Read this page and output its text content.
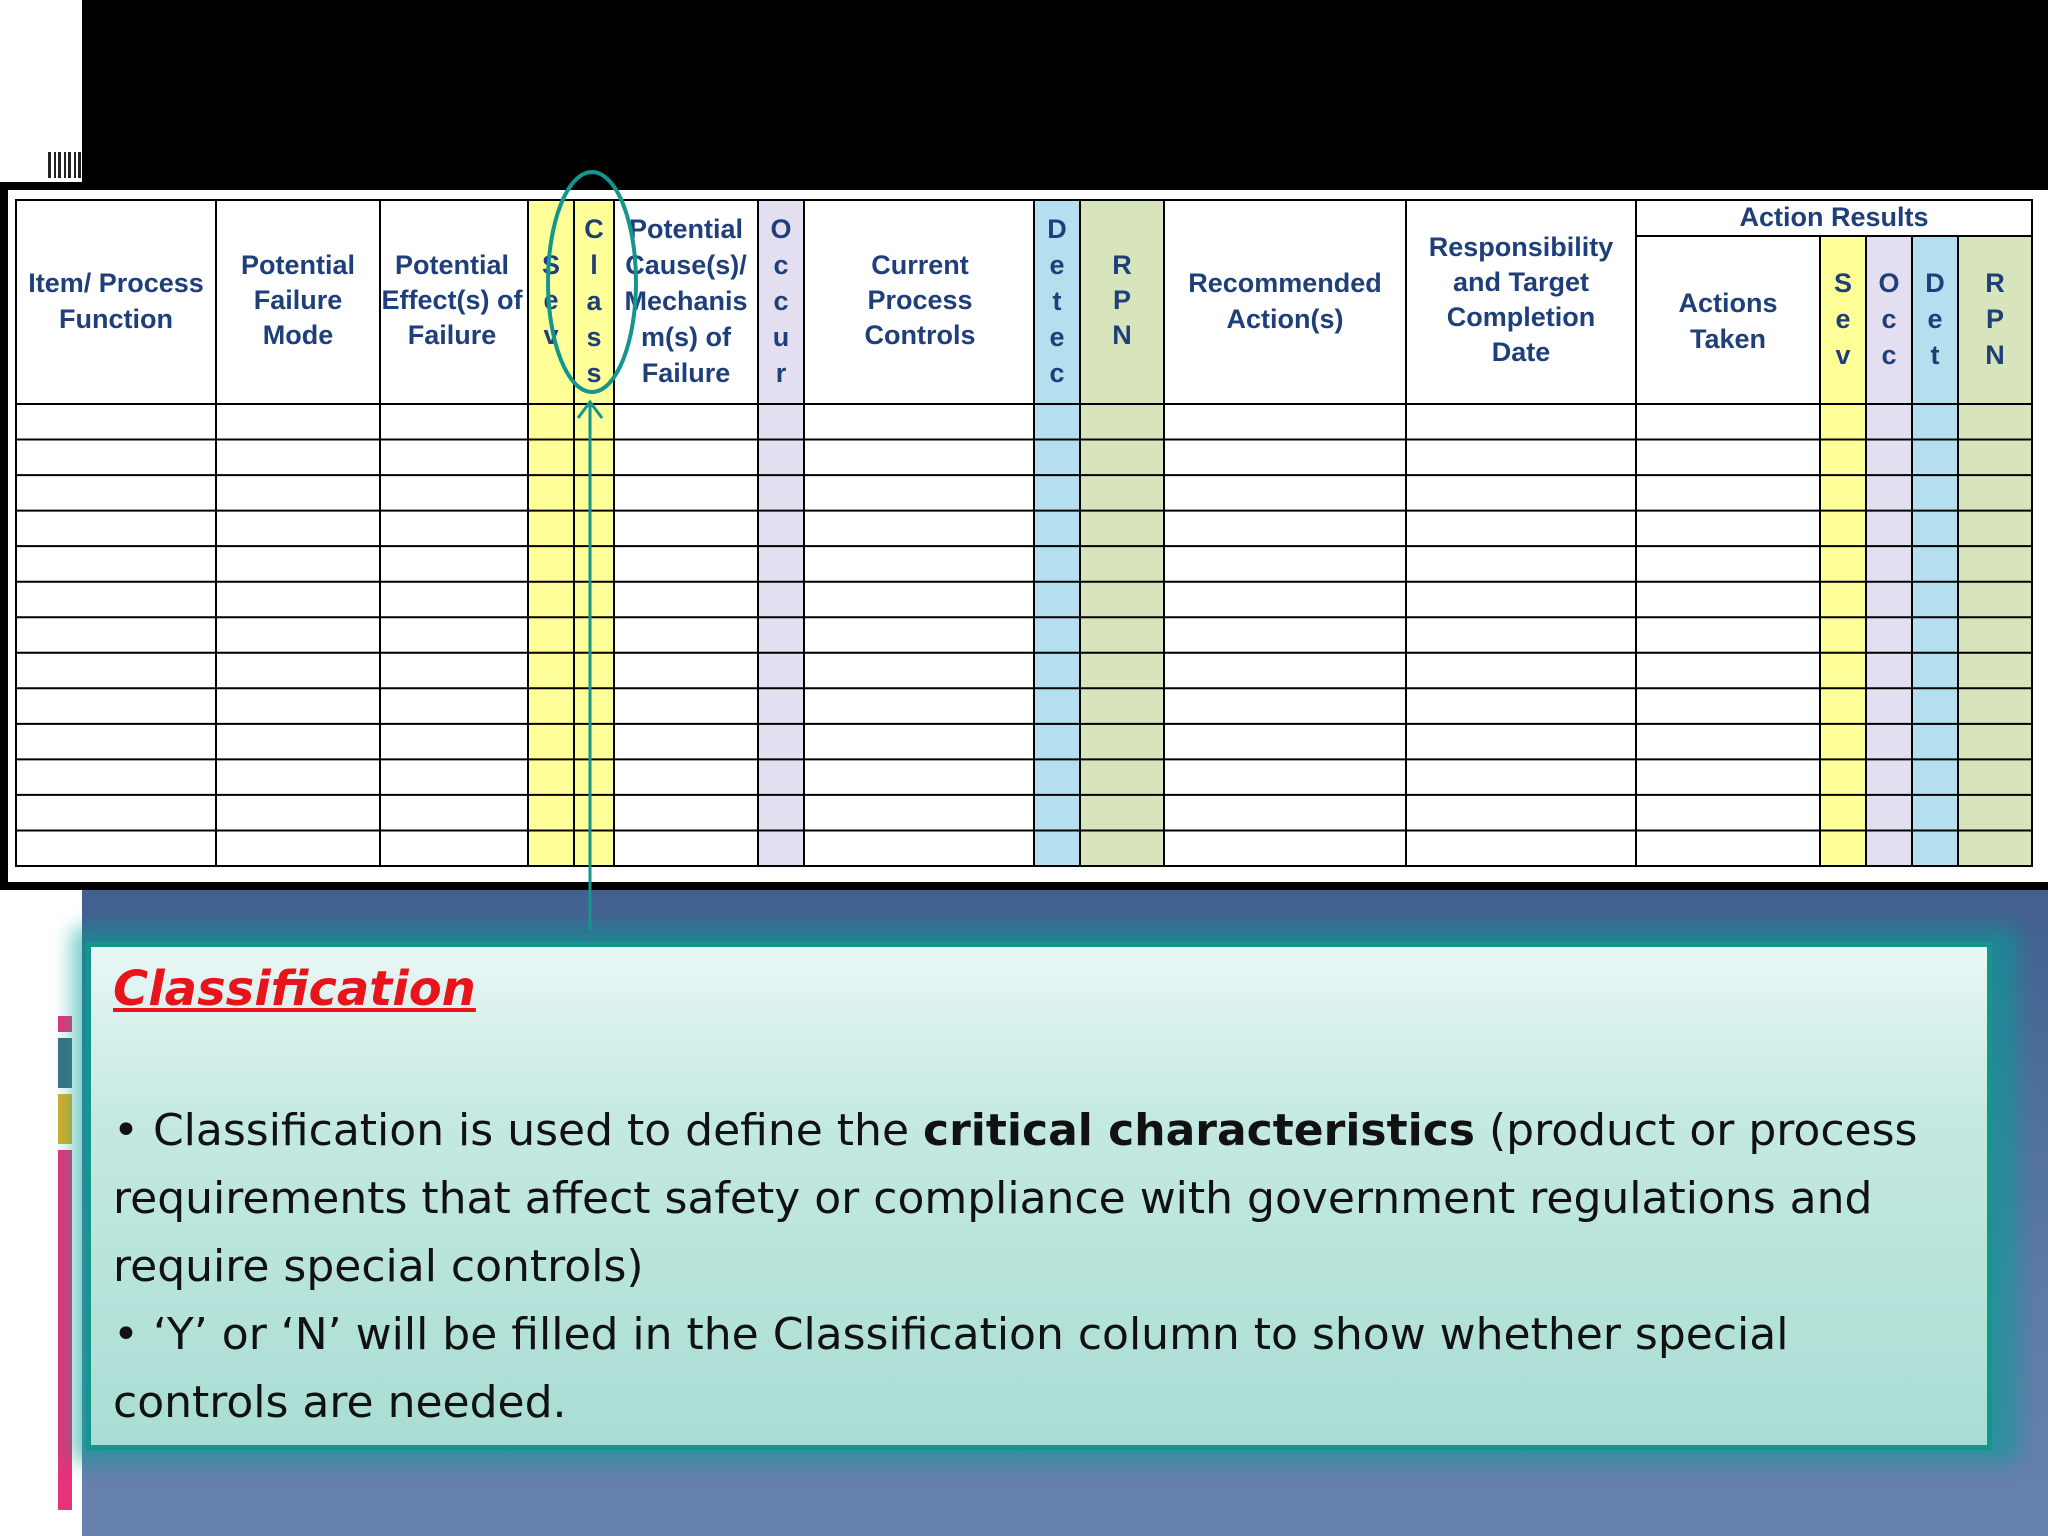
Item/ Process
Function
Potential
Failure
Mode
Potential
Effect(s) of
Failure
S
e
v
C
l
a
s
s
Potential
Cause(s)/
Mechanis
m(s) of
Failure
O
c
c
u
r
Current
Process
Controls
D
e
t
e
c
R
P
N
Recommended
Action(s)
Responsibility
and Target
Completion
Date
Action Results
Actions
Taken
S
e
v
O
c
c
D
e
t
R
P
N
Classification

• Classification is used to define the critical characteristics (product or process requirements that affect safety or compliance with government regulations and require special controls)

• ‘Y’ or ‘N’ will be filled in the Classification column to show whether special controls are needed.
